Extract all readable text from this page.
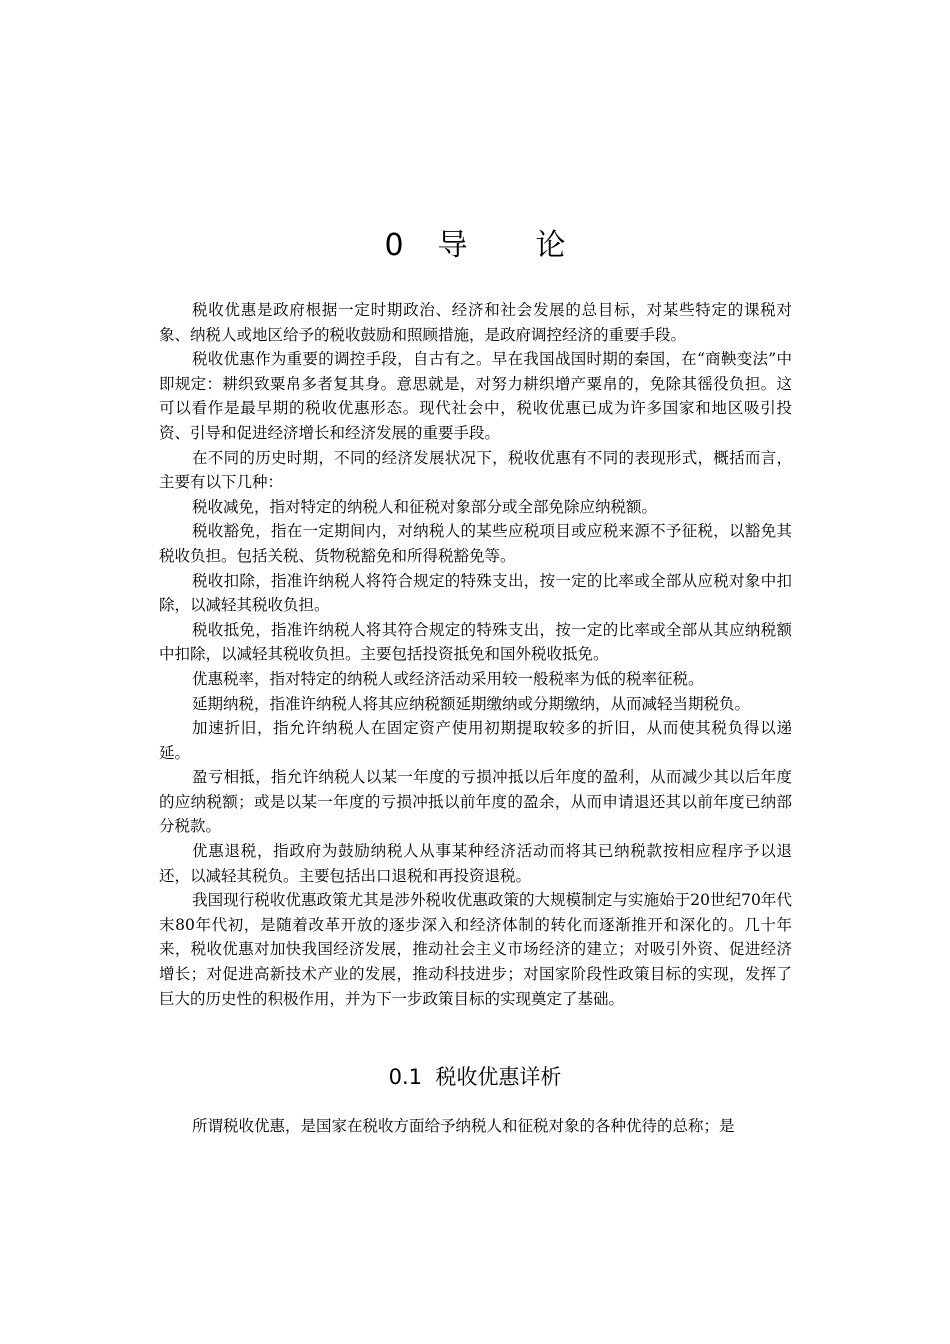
0 导 论

税收优惠是政府根据一定时期政治、经济和社会发展的总目标，对某些特定的课税对象、纳税人或地区给予的税收鼓励和照顾措施，是政府调控经济的重要手段。

税收优惠作为重要的调控手段，自古有之。早在我国战国时期的秦国，在“商鞅变法”中即规定：耕织致粟帛多者复其身。意思就是，对努力耕织增产粟帛的，免除其徭役负担。这可以看作是最早期的税收优惠形态。现代社会中，税收优惠已成为许多国家和地区吸引投资、引导和促进经济增长和经济发展的重要手段。

在不同的历史时期，不同的经济发展状况下，税收优惠有不同的表现形式，概括而言，主要有以下几种：

税收减免，指对特定的纳税人和征税对象部分或全部免除应纳税额。

税收豁免，指在一定期间内，对纳税人的某些应税项目或应税来源不予征税，以豁免其税收负担。包括关税、货物税豁免和所得税豁免等。

税收扣除，指准许纳税人将符合规定的特殊支出，按一定的比率或全部从应税对象中扣除，以减轻其税收负担。

税收抵免，指准许纳税人将其符合规定的特殊支出，按一定的比率或全部从其应纳税额中扣除，以减轻其税收负担。主要包括投资抵免和国外税收抵免。

优惠税率，指对特定的纳税人或经济活动采用较一般税率为低的税率征税。

延期纳税，指准许纳税人将其应纳税额延期缴纳或分期缴纳，从而减轻当期税负。

加速折旧，指允许纳税人在固定资产使用初期提取较多的折旧，从而使其税负得以递延。

盈亏相抵，指允许纳税人以某一年度的亏损冲抵以后年度的盈利，从而减少其以后年度的应纳税额；或是以某一年度的亏损冲抵以前年度的盈余，从而申请退还其以前年度已纳部分税款。

优惠退税，指政府为鼓励纳税人从事某种经济活动而将其已纳税款按相应程序予以退还，以减轻其税负。主要包括出口退税和再投资退税。

我国现行税收优惠政策尤其是涉外税收优惠政策的大规模制定与实施始于20世纪70年代末80年代初，是随着改革开放的逐步深入和经济体制的转化而逐渐推开和深化的。几十年来，税收优惠对加快我国经济发展，推动社会主义市场经济的建立；对吸引外资、促进经济增长；对促进高新技术产业的发展，推动科技进步；对国家阶段性政策目标的实现，发挥了巨大的历史性的积极作用，并为下一步政策目标的实现奠定了基础。

0.1 税收优惠详析

所谓税收优惠，是国家在税收方面给予纳税人和征税对象的各种优待的总称；是
